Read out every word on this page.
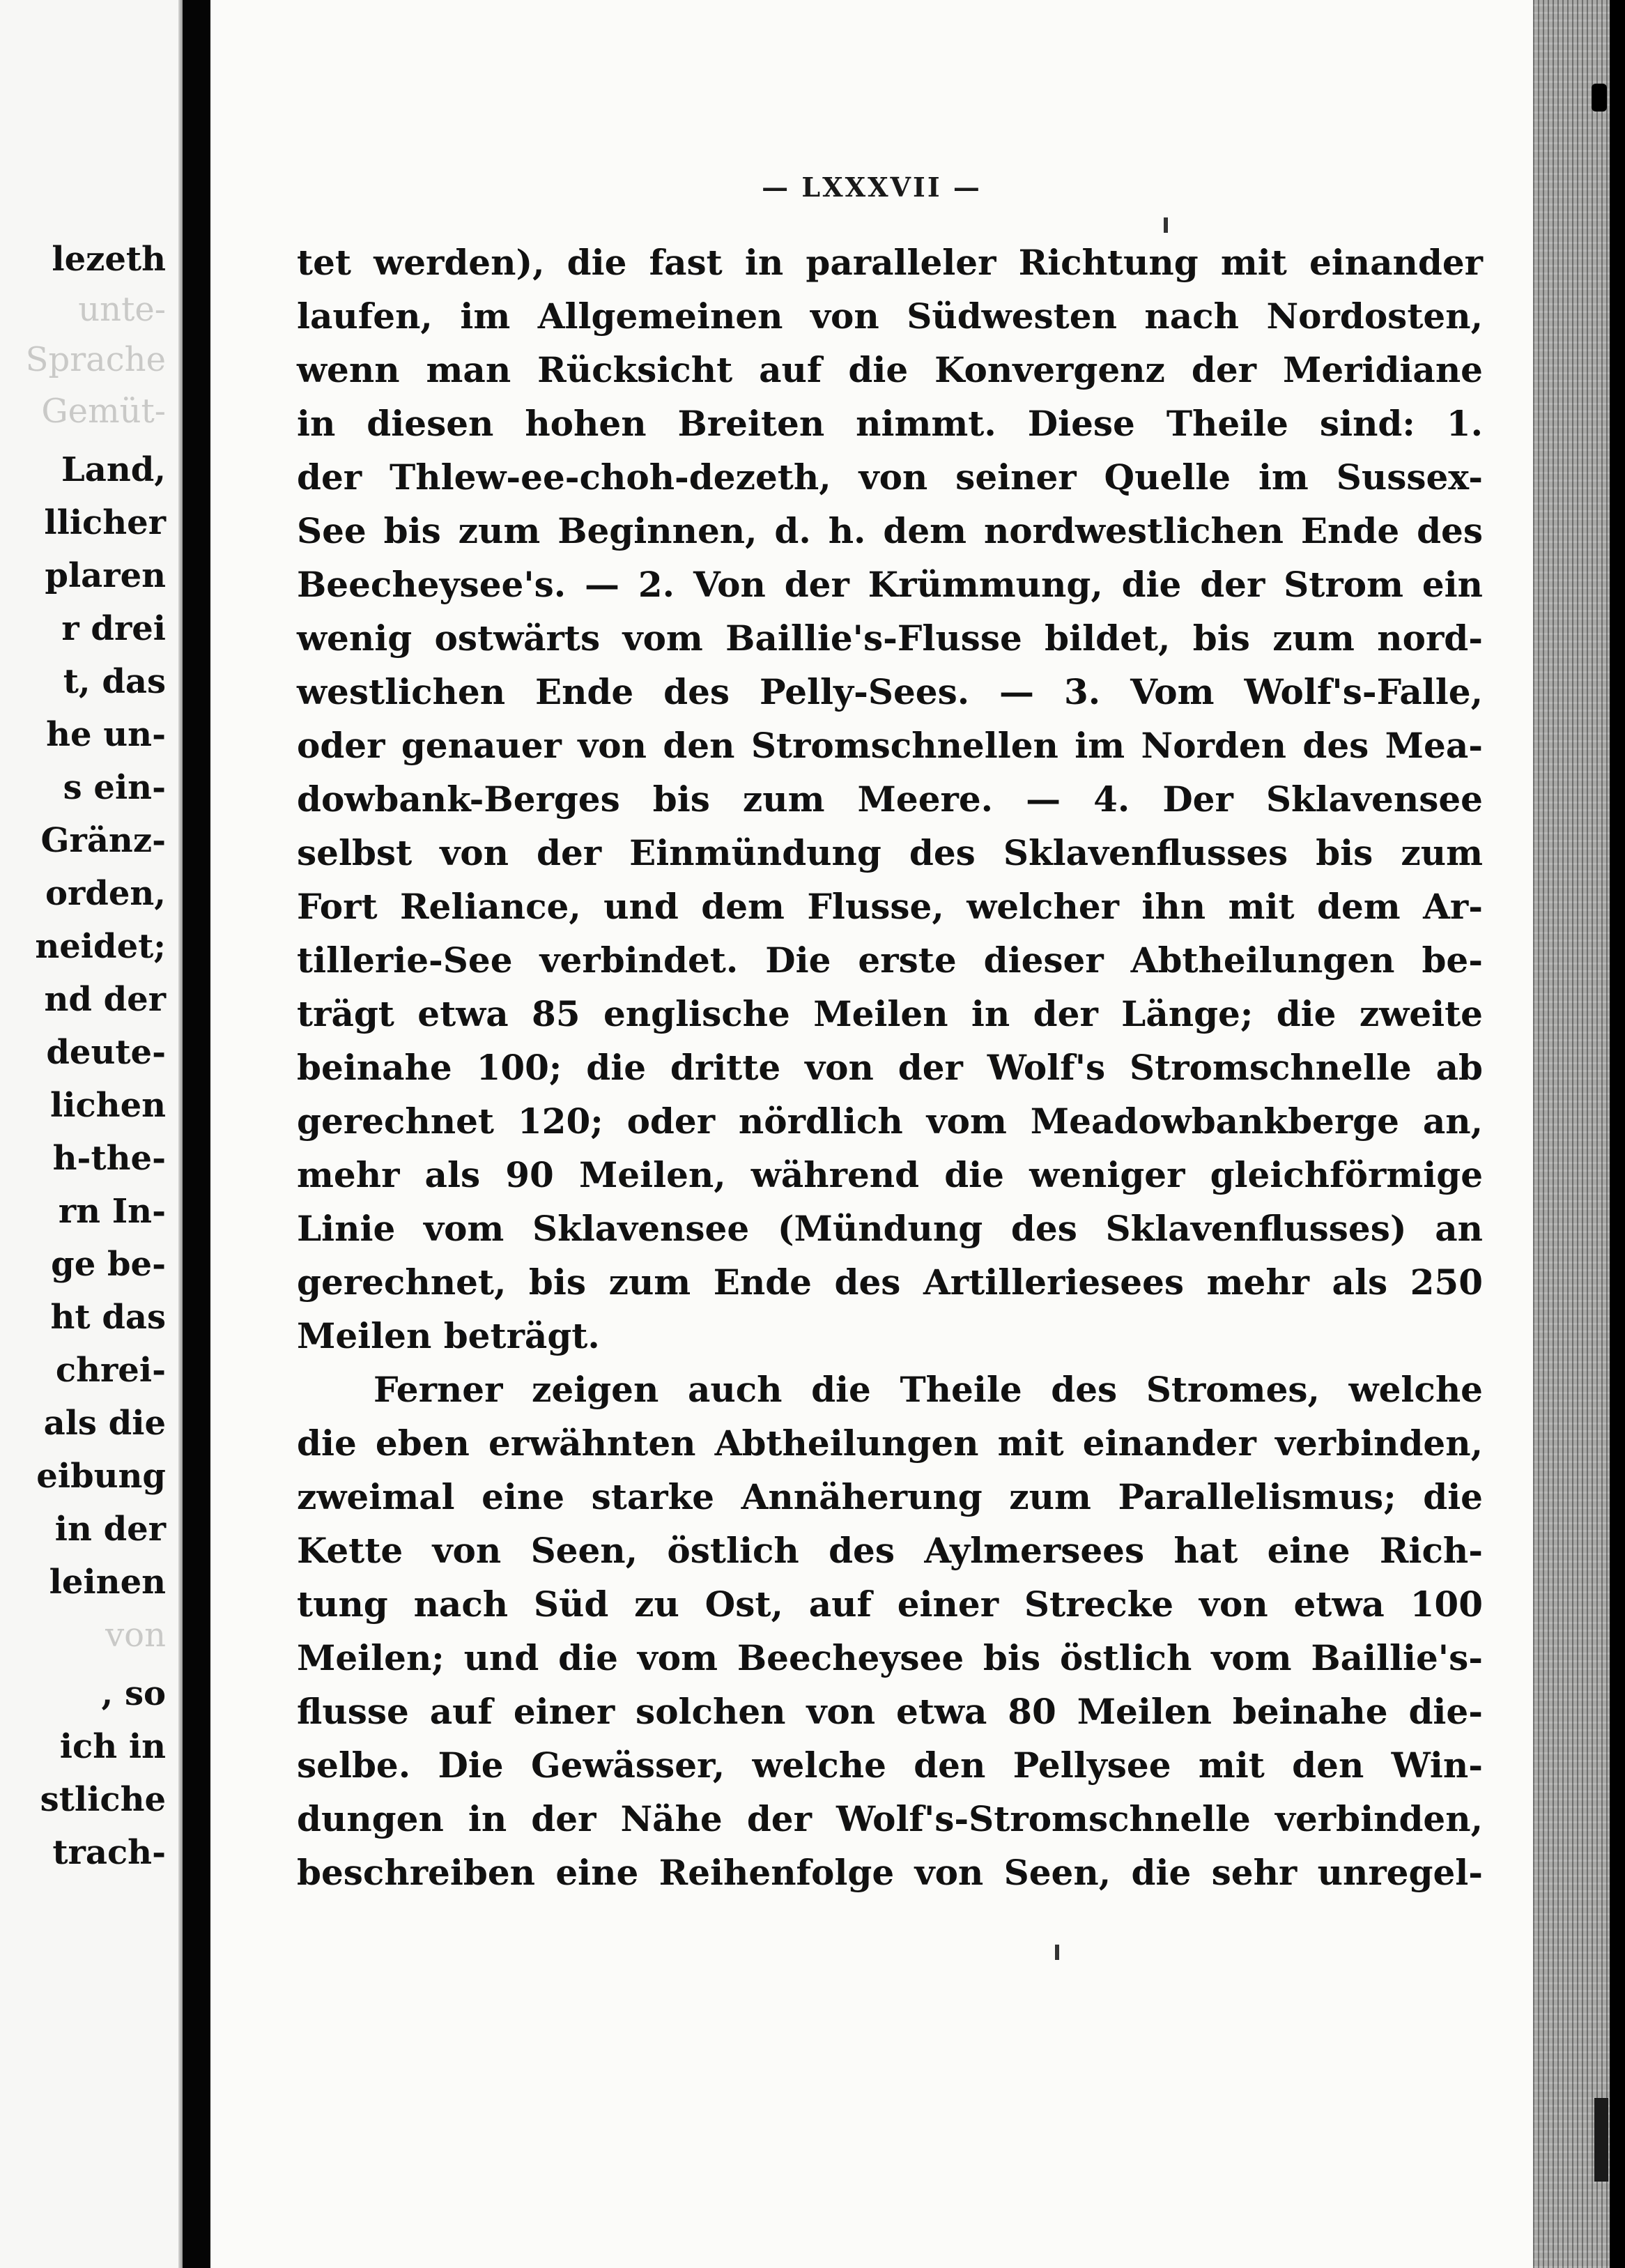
lezeth

unte-

Sprache

Gemüt-

Land,

llicher

plaren

r drei

t, das

he un-

s ein-

Gränz-

orden,

neidet;

nd der

deute-

lichen

h-the-

rn In-

ge be-

ht das

chrei-

als die

eibung

in der

leinen

von

, so

ich in

stliche

trach-

— LXXXVII —

tet werden), die fast in paralleler Richtung mit einander

laufen, im Allgemeinen von Südwesten nach Nordosten,

wenn man Rücksicht auf die Konvergenz der Meridiane

in diesen hohen Breiten nimmt. Diese Theile sind: 1.

der Thlew-ee-choh-dezeth, von seiner Quelle im Sussex-

See bis zum Beginnen, d. h. dem nordwestlichen Ende des

Beecheysee's. — 2. Von der Krümmung, die der Strom ein

wenig ostwärts vom Baillie's-Flusse bildet, bis zum nord-

westlichen Ende des Pelly-Sees. — 3. Vom Wolf's-Falle,

oder genauer von den Stromschnellen im Norden des Mea-

dowbank-Berges bis zum Meere. — 4. Der Sklavensee

selbst von der Einmündung des Sklavenflusses bis zum

Fort Reliance, und dem Flusse, welcher ihn mit dem Ar-

tillerie-See verbindet. Die erste dieser Abtheilungen be-

trägt etwa 85 englische Meilen in der Länge; die zweite

beinahe 100; die dritte von der Wolf's Stromschnelle ab

gerechnet 120; oder nördlich vom Meadowbankberge an,

mehr als 90 Meilen, während die weniger gleichförmige

Linie vom Sklavensee (Mündung des Sklavenflusses) an

gerechnet, bis zum Ende des Artilleriesees mehr als 250

Meilen beträgt.

Ferner zeigen auch die Theile des Stromes, welche

die eben erwähnten Abtheilungen mit einander verbinden,

zweimal eine starke Annäherung zum Parallelismus; die

Kette von Seen, östlich des Aylmersees hat eine Rich-

tung nach Süd zu Ost, auf einer Strecke von etwa 100

Meilen; und die vom Beecheysee bis östlich vom Baillie's-

flusse auf einer solchen von etwa 80 Meilen beinahe die-

selbe. Die Gewässer, welche den Pellysee mit den Win-

dungen in der Nähe der Wolf's-Stromschnelle verbinden,

beschreiben eine Reihenfolge von Seen, die sehr unregel-
